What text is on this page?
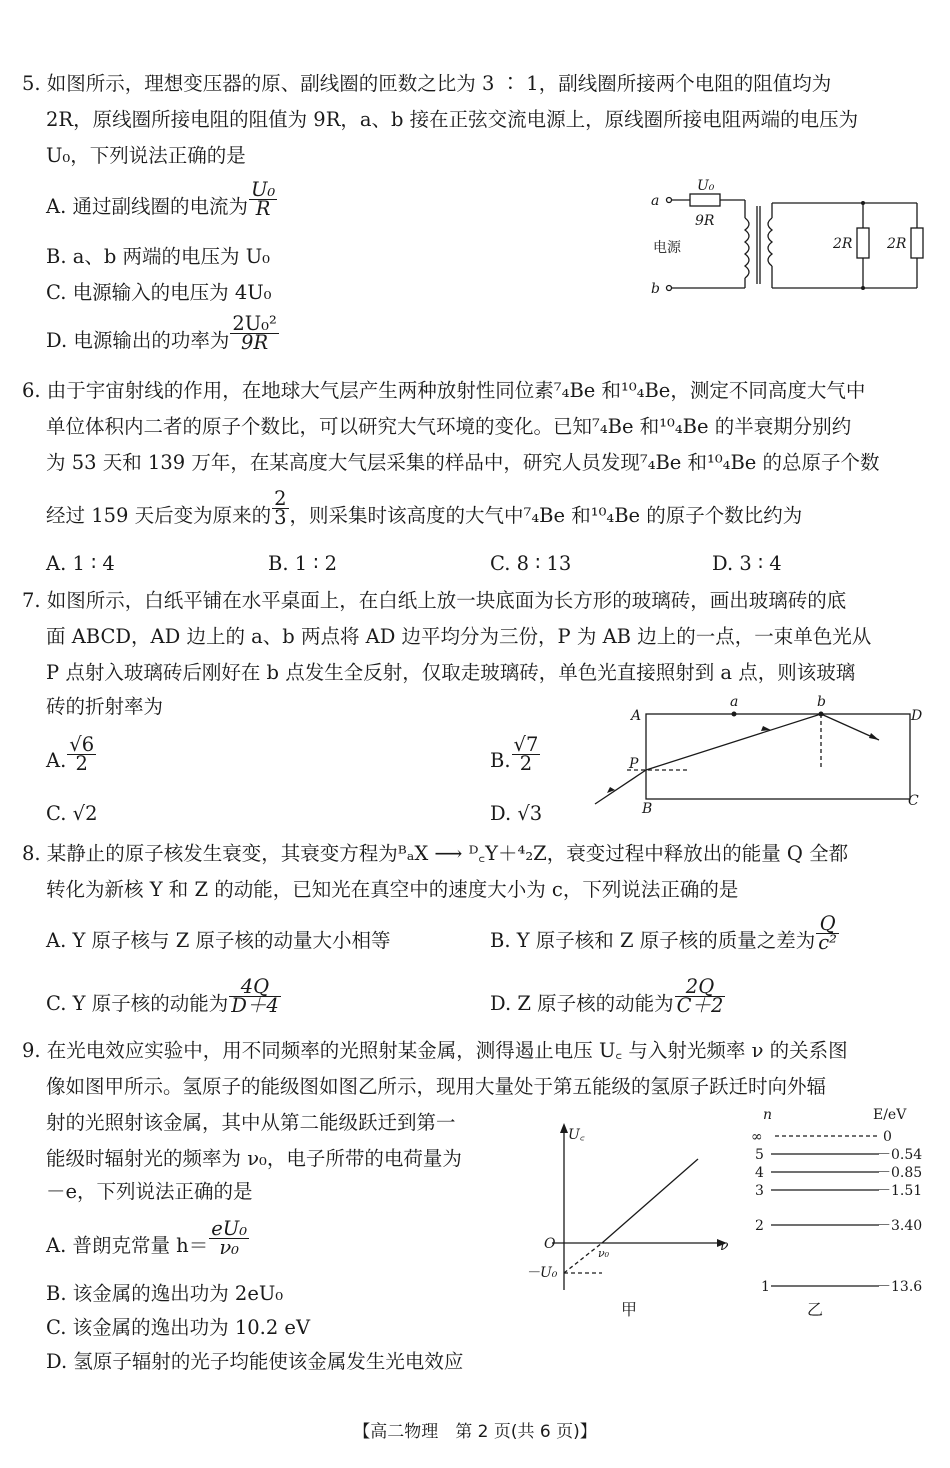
5. 如图所示，理想变压器的原、副线圈的匝数之比为 3 ∶ 1，副线圈所接两个电阻的阻值均为
2R，原线圈所接电阻的阻值为 9R，a、b 接在正弦交流电源上，原线圈所接电阻两端的电压为
U₀，下列说法正确的是
A. 通过副线圈的电流为 $\frac{\text{U₀}}{R}$
B. a、b 两端的电压为 U₀
C. 电源输入的电压为 4U₀
D. 电源输出的功率为 $\frac{\text{2U₀²}}{9R}$
a
b
电源
U₀
9R
2R 2R
6. 由于宇宙射线的作用，在地球大气层产生两种放射性同位素⁷₄Be 和¹⁰₄Be，测定不同高度大气中
单位体积内二者的原子个数比，可以研究大气环境的变化。已知⁷₄Be 和¹⁰₄Be 的半衰期分别约
为 53 天和 139 万年，在某高度大气层采集的样品中，研究人员发现⁷₄Be 和¹⁰₄Be 的总原子个数
经过 159 天后变为原来的 $\frac{2}{3}$ ，则采集时该高度的大气中⁷₄Be 和¹⁰₄Be 的原子个数比约为
A. 1 ∶ 4	B. 1 ∶ 2	C. 8 ∶ 13	D. 3 ∶ 4
7. 如图所示，白纸平铺在水平桌面上，在白纸上放一块底面为长方形的玻璃砖，画出玻璃砖的底
面 ABCD，AD 边上的 a、b 两点将 AD 边平均分为三份，P 为 AB 边上的一点，一束单色光从
P 点射入玻璃砖后刚好在 b 点发生全反射，仅取走玻璃砖，单色光直接照射到 a 点，则该玻璃
砖的折射率为
A. $\frac{√6}{2}$	B. $\frac{√7}{2}$
C. √2	D. √3
A
B	C
D
P
a	b
8. 某静止的原子核发生衰变，其衰变方程为ᴮₐX ⟶ ᴰ꜀Y＋⁴₂Z，衰变过程中释放出的能量 Q 全都
转化为新核 Y 和 Z 的动能，已知光在真空中的速度大小为 c，下列说法正确的是
A. Y 原子核与 Z 原子核的动量大小相等	B. Y 原子核和 Z 原子核的质量之差为 $\frac{Q}{\text{c²}}$
C. Y 原子核的动能为 $\frac{4Q}{D+4}$	D. Z 原子核的动能为 $\frac{2Q}{C+2}$
9. 在光电效应实验中，用不同频率的光照射某金属，测得遏止电压 U꜀ 与入射光频率 ν 的关系图
像如图甲所示。氢原子的能级图如图乙所示，现用大量处于第五能级的氢原子跃迁时向外辐
射的光照射该金属，其中从第二能级跃迁到第一
能级时辐射光的频率为 ν₀，电子所带的电荷量为
－e，下列说法正确的是
A. 普朗克常量 $h= \frac{\text{eU₀}}{\text{ν₀}}$
B. 该金属的逸出功为 2eU₀
C. 该金属的逸出功为 10.2 eV
D. 氢原子辐射的光子均能使该金属发生光电效应
U꜀
ν
O
－U₀
ν₀
甲
n	E/eV
∞	0
5	－0.54
4	－0.85
3	－1.51
2	－3.40
1	－13.6
乙
【高二物理　第 2 页(共 6 页)】
